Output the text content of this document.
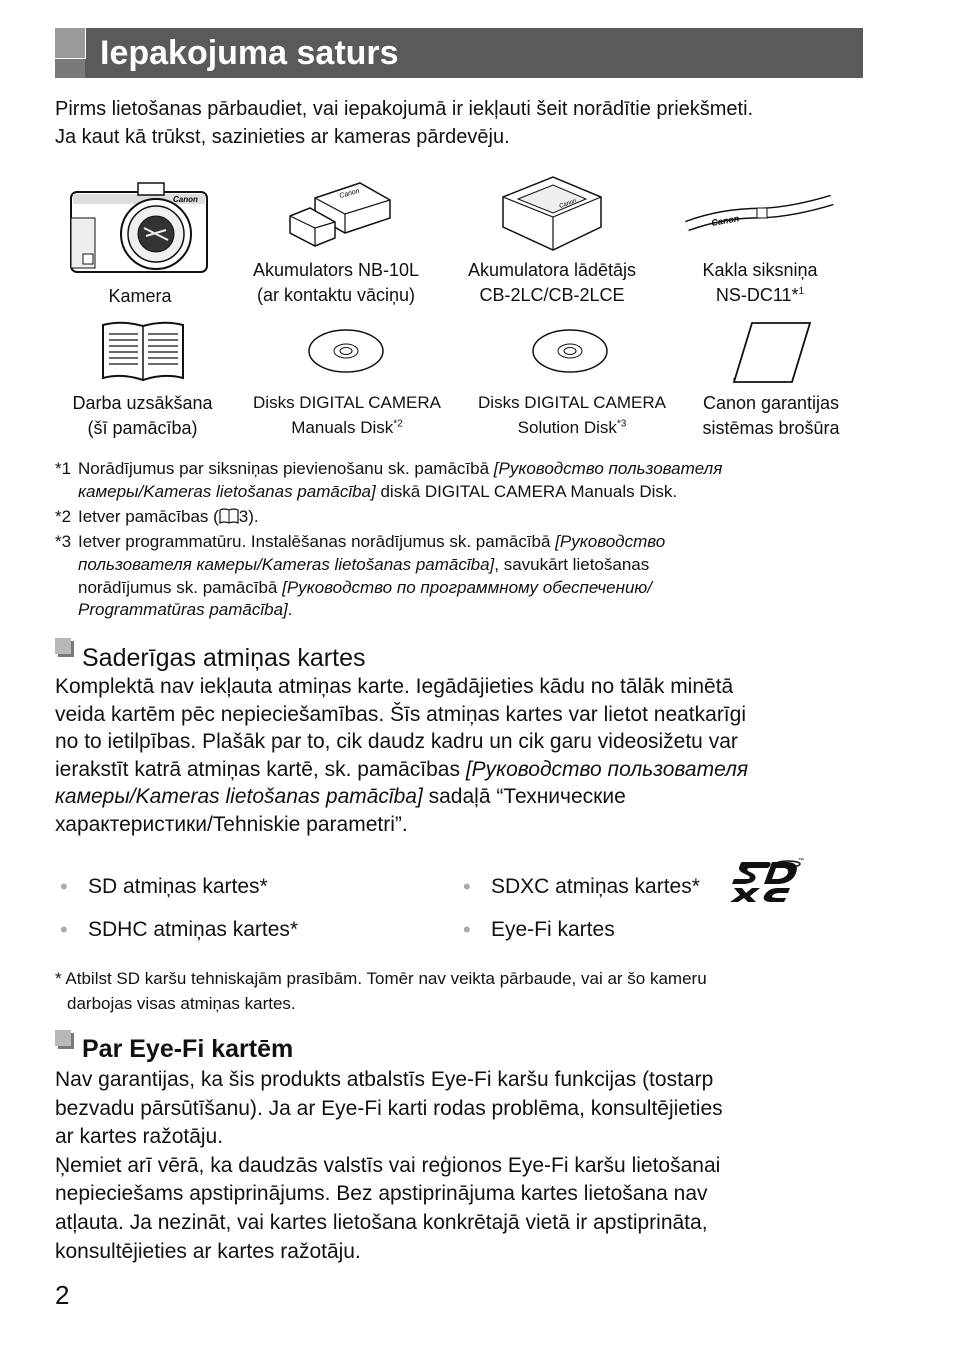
Iepakojuma saturs
Pirms lietošanas pārbaudiet, vai iepakojumā ir iekļauti šeit norādītie priekšmeti.
Ja kaut kā trūkst, sazinieties ar kameras pārdevēju.
Canon	Canon
Canon
Canon
Kamera
Akumulators NB-10L
(ar kontaktu vāciņu)
Akumulatora lādētājs
CB-2LC/CB-2LCE
Kakla siksniņa
NS-DC11*$^1$
Darba uzsākšana
(šī pamācība)
Disks DIGITAL CAMERA
Manuals Disk$^{*2}$
Disks DIGITAL CAMERA
Solution Disk$^{*3}$
Canon garantijas
sistēmas brošūra
*1 Norādījumus par siksniņas pievienošanu sk. pamācībā [Руководство пользователя
камеры/Kameras lietošanas pamācība] diskā DIGITAL CAMERA Manuals Disk.
*2 Ietver pamācības ( 3).
*3 Ietver programmatūru. Instalēšanas norādījumus sk. pamācībā [Руководство
пользователя камеры/Kameras lietošanas pamācība], savukārt lietošanas
norādījumus sk. pamācībā [Руководство по программному обеспечению/
Programmatūras pamācība].
Saderīgas atmiņas kartes
Komplektā nav iekļauta atmiņas karte. Iegādājieties kādu no tālāk minētā
veida kartēm pēc nepieciešamības. Šīs atmiņas kartes var lietot neatkarīgi
no to ietilpības. Plašāk par to, cik daudz kadru un cik garu videosižetu var
ierakstīt katrā atmiņas kartē, sk. pamācības [Руководство пользователя
камеры/Kameras lietošanas pamācība] sadaļā “Технические
характеристики/Tehniskie parametri”.
• SD atmiņas kartes*	• SDXC atmiņas kartes*
™
• SDHC atmiņas kartes*	• Eye-Fi kartes
* Atbilst SD karšu tehniskajām prasībām. Tomēr nav veikta pārbaude, vai ar šo kameru
darbojas visas atmiņas kartes.
Par Eye-Fi kartēm
Nav garantijas, ka šis produkts atbalstīs Eye-Fi karšu funkcijas (tostarp
bezvadu pārsūtīšanu). Ja ar Eye-Fi karti rodas problēma, konsultējieties
ar kartes ražotāju.
Ņemiet arī vērā, ka daudzās valstīs vai reģionos Eye-Fi karšu lietošanai
nepieciešams apstiprinājums. Bez apstiprinājuma kartes lietošana nav
atļauta. Ja nezināt, vai kartes lietošana konkrētajā vietā ir apstiprināta,
konsultējieties ar kartes ražotāju.
2
